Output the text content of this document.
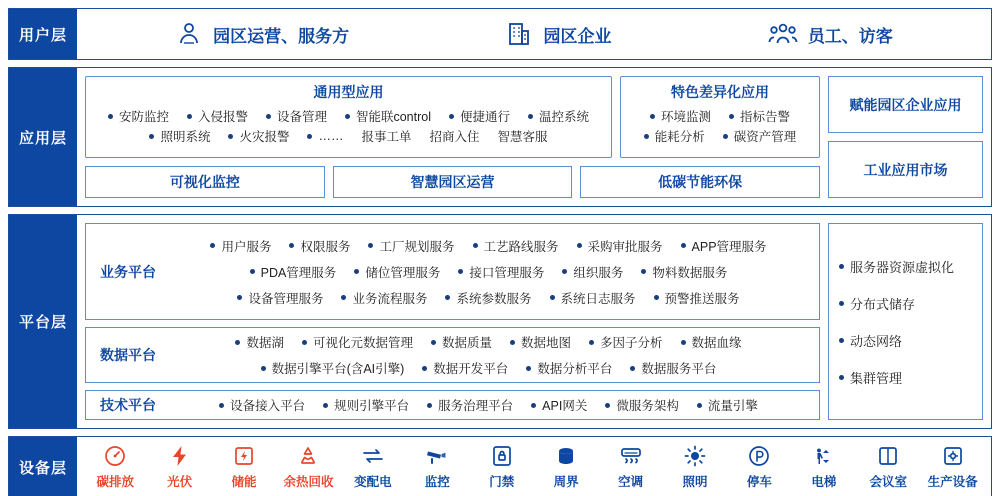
用户层	园区运营、服务方	园区企业	员工、访客
应用层
通用型应用
安防监控	入侵报警	设备管理	智能联control	便捷通行	温控系统
照明系统	火灾报警	……	报事工单	招商入住	智慧客服
特色差异化应用
环境监测	指标告警
能耗分析	碳资产管理
可视化监控	智慧园区运营	低碳节能环保
赋能园区企业应用
工业应用市场
平台层
业务平台
用户服务	权限服务	工厂规划服务	工艺路线服务	采购审批服务	APP管理服务
PDA管理服务	储位管理服务	接口管理服务	组织服务	物料数据服务
设备管理服务	业务流程服务	系统参数服务	系统日志服务	预警推送服务
数据平台
数据湖	可视化元数据管理	数据质量	数据地图	多因子分析	数据血缘
数据引擎平台(含AI引擎)	数据开发平台	数据分析平台	数据服务平台
技术平台	设备接入平台	规则引擎平台	服务治理平台	API网关	微服务架构	流量引擎
服务器资源虚拟化
分布式储存
动态网络
集群管理
设备层
碳排放	光伏	储能 余热回收 变配电	监控	门禁	周界	空调	照明	停车	电梯	会议室 生产设备
